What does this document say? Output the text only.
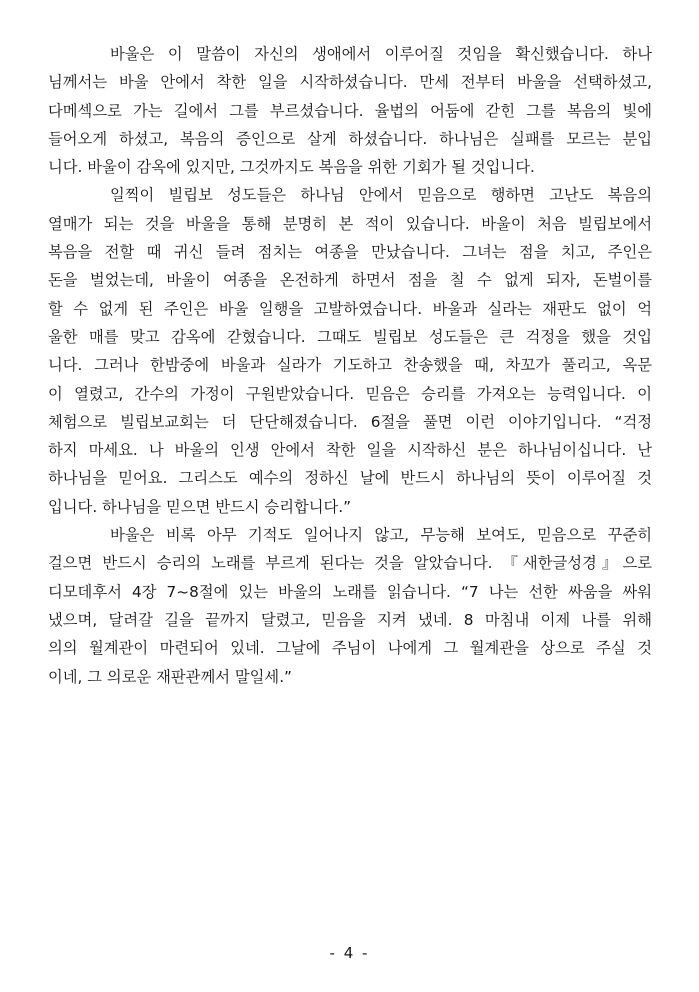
바울은 이 말씀이 자신의 생애에서 이루어질 것임을 확신했습니다. 하나
님께서는 바울 안에서 착한 일을 시작하셨습니다. 만세 전부터 바울을 선택하셨고,
다메섹으로 가는 길에서 그를 부르셨습니다. 율법의 어둠에 갇힌 그를 복음의 빛에
들어오게 하셨고, 복음의 증인으로 살게 하셨습니다. 하나님은 실패를 모르는 분입
니다. 바울이 감옥에 있지만, 그것까지도 복음을 위한 기회가 될 것입니다.

일찍이 빌립보 성도들은 하나님 안에서 믿음으로 행하면 고난도 복음의
열매가 되는 것을 바울을 통해 분명히 본 적이 있습니다. 바울이 처음 빌립보에서
복음을 전할 때 귀신 들려 점치는 여종을 만났습니다. 그녀는 점을 치고, 주인은
돈을 벌었는데, 바울이 여종을 온전하게 하면서 점을 칠 수 없게 되자, 돈벌이를
할 수 없게 된 주인은 바울 일행을 고발하였습니다. 바울과 실라는 재판도 없이 억
울한 매를 맞고 감옥에 갇혔습니다. 그때도 빌립보 성도들은 큰 걱정을 했을 것입
니다. 그러나 한밤중에 바울과 실라가 기도하고 찬송했을 때, 차꼬가 풀리고, 옥문
이 열렸고, 간수의 가정이 구원받았습니다. 믿음은 승리를 가져오는 능력입니다. 이
체험으로 빌립보교회는 더 단단해졌습니다. 6절을 풀면 이런 이야기입니다. “걱정
하지 마세요. 나 바울의 인생 안에서 착한 일을 시작하신 분은 하나님이십니다. 난
하나님을 믿어요. 그리스도 예수의 정하신 날에 반드시 하나님의 뜻이 이루어질 것
입니다. 하나님을 믿으면 반드시 승리합니다.”

바울은 비록 아무 기적도 일어나지 않고, 무능해 보여도, 믿음으로 꾸준히
걸으면 반드시 승리의 노래를 부르게 된다는 것을 알았습니다. 『새한글성경』으로
디모데후서 4장 7~8절에 있는 바울의 노래를 읽습니다. “7 나는 선한 싸움을 싸워
냈으며, 달려갈 길을 끝까지 달렸고, 믿음을 지켜 냈네. 8 마침내 이제 나를 위해
의의 월계관이 마련되어 있네. 그날에 주님이 나에게 그 월계관을 상으로 주실 것
이네, 그 의로운 재판관께서 말일세.”

- 4 -
